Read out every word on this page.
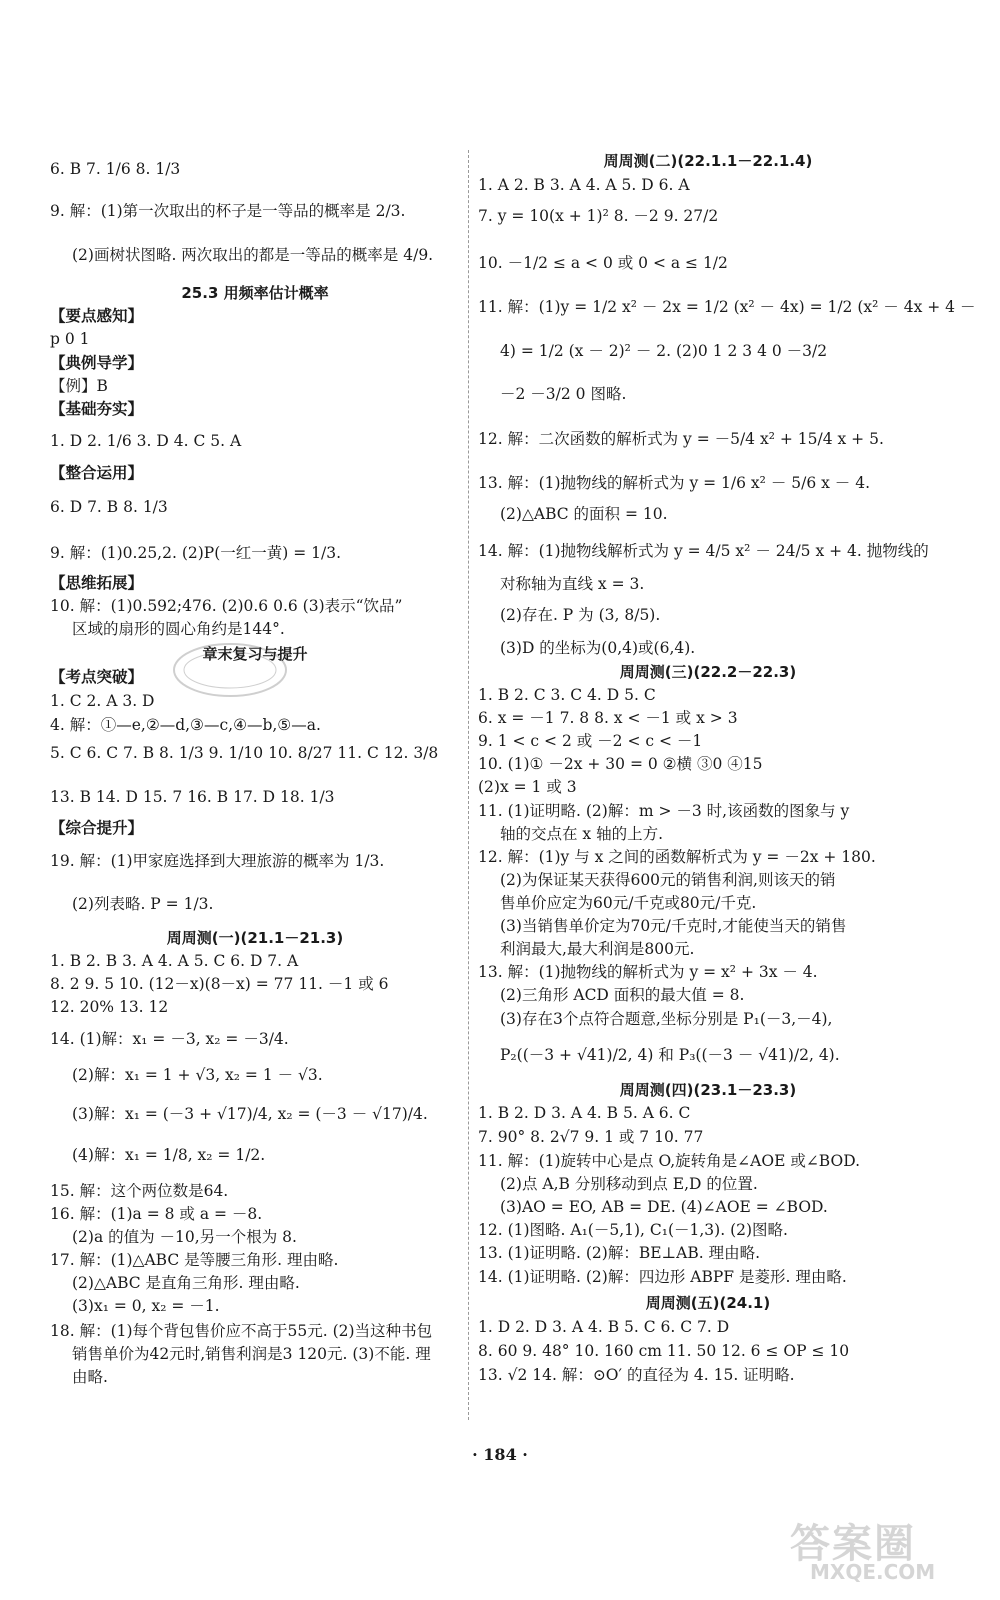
6. B 7. 1/6 8. 1/3
9. 解：(1)第一次取出的杯子是一等品的概率是 2/3.
(2)画树状图略. 两次取出的都是一等品的概率是 4/9.
25.3 用频率估计概率
【要点感知】
p 0 1
【典例导学】
【例】B
【基础夯实】
1. D 2. 1/6 3. D 4. C 5. A
【整合运用】
6. D 7. B 8. 1/3
9. 解：(1)0.25,2. (2)P(一红一黄) = 1/3.
【思维拓展】
10. 解：(1)0.592;476. (2)0.6 0.6 (3)表示“饮品”
区域的扇形的圆心角约是144°.
章末复习与提升
【考点突破】
1. C 2. A 3. D
4. 解：①—e,②—d,③—c,④—b,⑤—a.
5. C 6. C 7. B 8. 1/3 9. 1/10 10. 8/27 11. C 12. 3/8
13. B 14. D 15. 7 16. B 17. D 18. 1/3
【综合提升】
19. 解：(1)甲家庭选择到大理旅游的概率为 1/3.
(2)列表略. P = 1/3.
周周测(一)(21.1－21.3)
1. B 2. B 3. A 4. A 5. C 6. D 7. A
8. 2 9. 5 10. (12－x)(8－x) = 77 11. －1 或 6
12. 20% 13. 12
14. (1)解：x₁ = －3, x₂ = －3/4.
(2)解：x₁ = 1 + √3, x₂ = 1 － √3.
(3)解：x₁ = (－3 + √17)/4, x₂ = (－3 － √17)/4.
(4)解：x₁ = 1/8, x₂ = 1/2.
15. 解：这个两位数是64.
16. 解：(1)a = 8 或 a = －8.
(2)a 的值为 －10,另一个根为 8.
17. 解：(1)△ABC 是等腰三角形. 理由略.
(2)△ABC 是直角三角形. 理由略.
(3)x₁ = 0, x₂ = －1.
18. 解：(1)每个背包售价应不高于55元. (2)当这种书包
销售单价为42元时,销售利润是3 120元. (3)不能. 理
由略.
周周测(二)(22.1.1－22.1.4)
1. A 2. B 3. A 4. A 5. D 6. A
7. y = 10(x + 1)² 8. －2 9. 27/2
10. －1/2 ≤ a < 0 或 0 < a ≤ 1/2
11. 解：(1)y = 1/2 x² － 2x = 1/2 (x² － 4x) = 1/2 (x² － 4x + 4 －
4) = 1/2 (x － 2)² － 2. (2)0 1 2 3 4 0 －3/2
－2 －3/2 0 图略.
12. 解：二次函数的解析式为 y = －5/4 x² + 15/4 x + 5.
13. 解：(1)抛物线的解析式为 y = 1/6 x² － 5/6 x － 4.
(2)△ABC 的面积 = 10.
14. 解：(1)抛物线解析式为 y = 4/5 x² － 24/5 x + 4. 抛物线的
对称轴为直线 x = 3.
(2)存在. P 为 (3, 8/5).
(3)D 的坐标为(0,4)或(6,4).
周周测(三)(22.2－22.3)
1. B 2. C 3. C 4. D 5. C
6. x = －1 7. 8 8. x < －1 或 x > 3
9. 1 < c < 2 或 －2 < c < －1
10. (1)① －2x + 30 = 0 ②横 ③0 ④15
(2)x = 1 或 3
11. (1)证明略. (2)解：m > －3 时,该函数的图象与 y
轴的交点在 x 轴的上方.
12. 解：(1)y 与 x 之间的函数解析式为 y = －2x + 180.
(2)为保证某天获得600元的销售利润,则该天的销
售单价应定为60元/千克或80元/千克.
(3)当销售单价定为70元/千克时,才能使当天的销售
利润最大,最大利润是800元.
13. 解：(1)抛物线的解析式为 y = x² + 3x － 4.
(2)三角形 ACD 面积的最大值 = 8.
(3)存在3个点符合题意,坐标分别是 P₁(－3,－4),
P₂((－3 + √41)/2, 4) 和 P₃((－3 － √41)/2, 4).
周周测(四)(23.1－23.3)
1. B 2. D 3. A 4. B 5. A 6. C
7. 90° 8. 2√7 9. 1 或 7 10. 77
11. 解：(1)旋转中心是点 O,旋转角是∠AOE 或∠BOD.
(2)点 A,B 分别移动到点 E,D 的位置.
(3)AO = EO, AB = DE. (4)∠AOE = ∠BOD.
12. (1)图略. A₁(－5,1), C₁(－1,3). (2)图略.
13. (1)证明略. (2)解：BE⊥AB. 理由略.
14. (1)证明略. (2)解：四边形 ABPF 是菱形. 理由略.
周周测(五)(24.1)
1. D 2. D 3. A 4. B 5. C 6. C 7. D
8. 60 9. 48° 10. 160 cm 11. 50 12. 6 ≤ OP ≤ 10
13. √2 14. 解：⊙O′ 的直径为 4. 15. 证明略.
· 184 ·
答案圈
MXQE.COM
